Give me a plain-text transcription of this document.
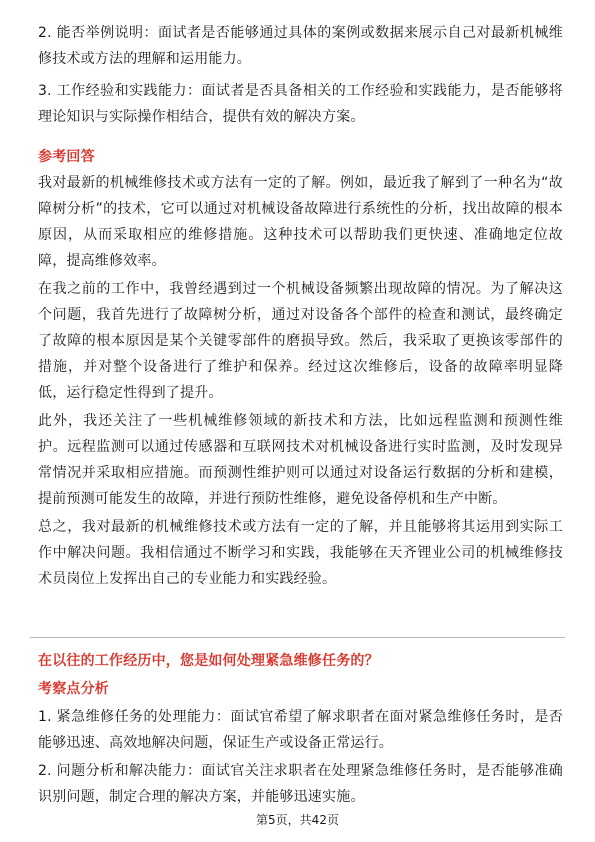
2. 能否举例说明：面试者是否能够通过具体的案例或数据来展示自己对最新机械维修技术或方法的理解和运用能力。

3. 工作经验和实践能力：面试者是否具备相关的工作经验和实践能力，是否能够将理论知识与实际操作相结合，提供有效的解决方案。

参考回答

我对最新的机械维修技术或方法有一定的了解。例如，最近我了解到了一种名为“故障树分析”的技术，它可以通过对机械设备故障进行系统性的分析，找出故障的根本原因，从而采取相应的维修措施。这种技术可以帮助我们更快速、准确地定位故障，提高维修效率。

在我之前的工作中，我曾经遇到过一个机械设备频繁出现故障的情况。为了解决这个问题，我首先进行了故障树分析，通过对设备各个部件的检查和测试，最终确定了故障的根本原因是某个关键零部件的磨损导致。然后，我采取了更换该零部件的措施，并对整个设备进行了维护和保养。经过这次维修后，设备的故障率明显降低，运行稳定性得到了提升。

此外，我还关注了一些机械维修领域的新技术和方法，比如远程监测和预测性维护。远程监测可以通过传感器和互联网技术对机械设备进行实时监测，及时发现异常情况并采取相应措施。而预测性维护则可以通过对设备运行数据的分析和建模，提前预测可能发生的故障，并进行预防性维修，避免设备停机和生产中断。

总之，我对最新的机械维修技术或方法有一定的了解，并且能够将其运用到实际工作中解决问题。我相信通过不断学习和实践，我能够在天齐锂业公司的机械维修技术员岗位上发挥出自己的专业能力和实践经验。

在以往的工作经历中，您是如何处理紧急维修任务的？

考察点分析

1. 紧急维修任务的处理能力：面试官希望了解求职者在面对紧急维修任务时，是否能够迅速、高效地解决问题，保证生产或设备正常运行。

2. 问题分析和解决能力：面试官关注求职者在处理紧急维修任务时，是否能够准确识别问题，制定合理的解决方案，并能够迅速实施。

第5页，共42页
